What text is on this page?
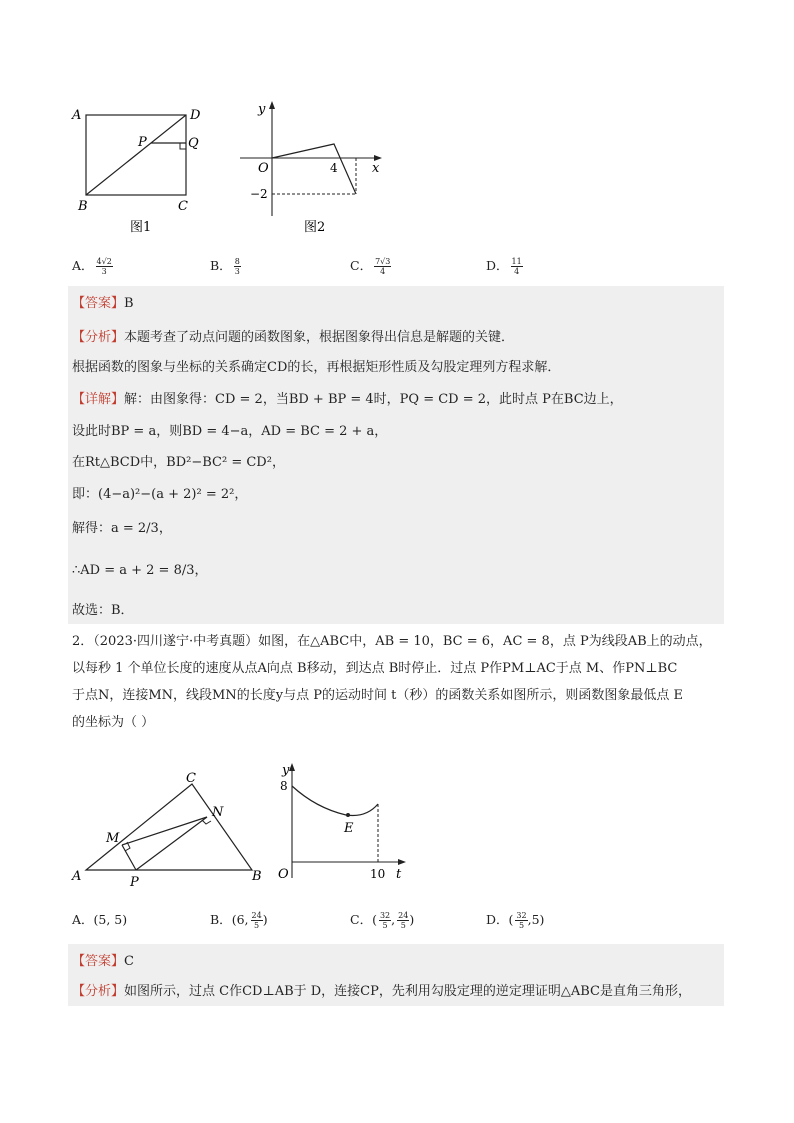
A	D
P	Q
B	C
图1
y
x
O	4
−2
图2
A． $\frac{4√2}{3}$	B． $\frac{8}{3}$	C． $\frac{7√3}{4}$	D． $\frac{11}{4}$
【答案】B
【分析】本题考查了动点问题的函数图象，根据图象得出信息是解题的关键．
根据函数的图象与坐标的关系确定CD的长，再根据矩形性质及勾股定理列方程求解．
【详解】解：由图象得：CD = 2，当BD + BP = 4时，PQ = CD = 2，此时点 P在BC边上，
设此时BP = a，则BD = 4−a，AD = BC = 2 + a，
在Rt△BCD中，BD²−BC² = CD²，
即：(4−a)²−(a + 2)² = 2²，
解得：a = 2/3，
∴AD = a + 2 = 8/3，
故选：B．
2．（2023·四川遂宁·中考真题）如图，在△ABC中，AB = 10，BC = 6，AC = 8，点 P为线段AB上的动点，
以每秒 1 个单位长度的速度从点A向点 B移动，到达点 B时停止．过点 P作PM⊥AC于点 M、作PN⊥BC
于点N，连接MN，线段MN的长度y与点 P的运动时间 t（秒）的函数关系如图所示，则函数图象最低点 E
的坐标为（ ）
A	B
C
M
N
P
y
8
E
O	10 t
A．(5, 5)	B．(6, $\frac{24}{5}$ )	C．( $\frac{32}{5}$ , $\frac{24}{5}$ )	D．( $\frac{32}{5} ,5$)
【答案】C
【分析】如图所示，过点 C作CD⊥AB于 D，连接CP，先利用勾股定理的逆定理证明△ABC是直角三角形，
